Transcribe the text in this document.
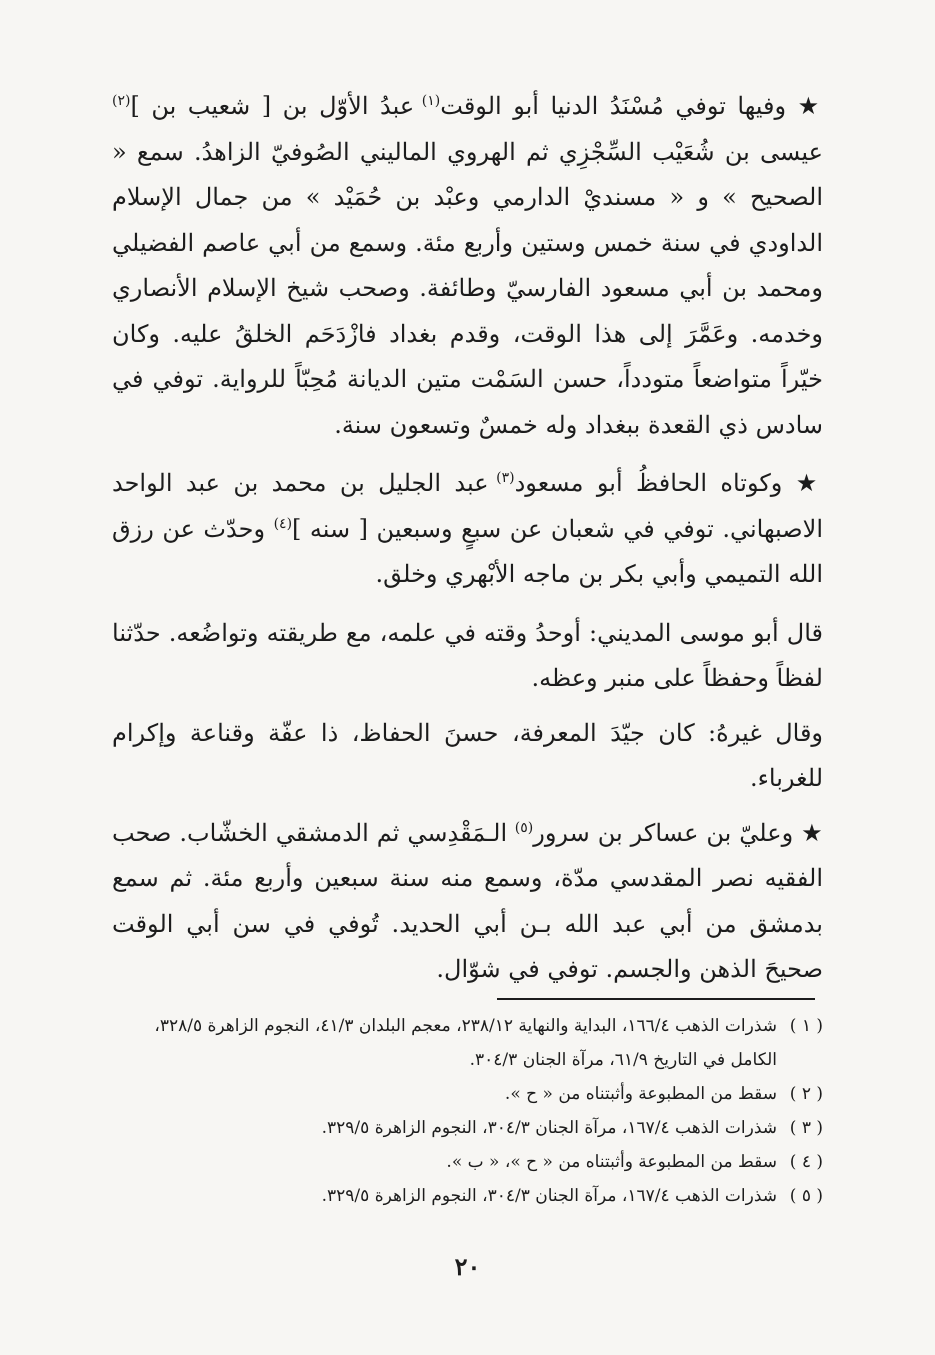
★ وفيها توفي مُسْنَدُ الدنيا أبو الوقت$^{(١)}$ عبدُ الأوّل بن [ شعيب بن ]$^{(٢)}$ عيسى بن شُعَيْب السِّجْزِي ثم الهروي الماليني الصُوفيّ الزاهدُ. سمع « الصحيح » و « مسنديْ الدارمي وعبْد بن حُمَيْد » من جمال الإسلام الداودي في سنة خمس وستين وأربع مئة. وسمع من أبي عاصم الفضيلي ومحمد بن أبي مسعود الفارسيّ وطائفة. وصحب شيخ الإسلام الأنصاري وخدمه. وعَمَّرَ إلى هذا الوقت، وقدم بغداد فازْدَحَم الخلقُ عليه. وكان خيّراً متواضعاً متودداً، حسن السَمْت متين الديانة مُحِبّاً للرواية. توفي في سادس ذي القعدة ببغداد وله خمسٌ وتسعون سنة.

★ وكوتاه الحافظُ أبو مسعود$^{(٣)}$ عبد الجليل بن محمد بن عبد الواحد الاصبهاني. توفي في شعبان عن سبعٍ وسبعين [ سنه ]$^{(٤)}$ وحدّث عن رزق الله التميمي وأبي بكر بن ماجه الأبْهري وخلق.

قال أبو موسى المديني: أوحدُ وقته في علمه، مع طريقته وتواضُعه. حدّثنا لفظاً وحفظاً على منبر وعظه.

وقال غيرهُ: كان جيّدَ المعرفة، حسنَ الحفاظ، ذا عفّة وقناعة وإكرام للغرباء.

★ وعليّ بن عساكر بن سرور$^{(٥)}$ الـمَقْدِسي ثم الدمشقي الخشّاب. صحب الفقيه نصر المقدسي مدّة، وسمع منه سنة سبعين وأربع مئة. ثم سمع بدمشق من أبي عبد الله بـن أبي الحديد. تُوفي في سن أبي الوقت صحيحَ الذهن والجسم. توفي في شوّال.

( ١ )
شذرات الذهب ١٦٦/٤، البداية والنهاية ٢٣٨/١٢، معجم البلدان ٤١/٣، النجوم الزاهرة ٣٢٨/٥، الكامل في التاريخ ٦١/٩، مرآة الجنان ٣٠٤/٣.

( ٢ )
سقط من المطبوعة وأثبتناه من « ح ».

( ٣ )
شذرات الذهب ١٦٧/٤، مرآة الجنان ٣٠٤/٣، النجوم الزاهرة ٣٢٩/٥.

( ٤ )
سقط من المطبوعة وأثبتناه من « ح »، « ب ».

( ٥ )
شذرات الذهب ١٦٧/٤، مرآة الجنان ٣٠٤/٣، النجوم الزاهرة ٣٢٩/٥.

٢٠
